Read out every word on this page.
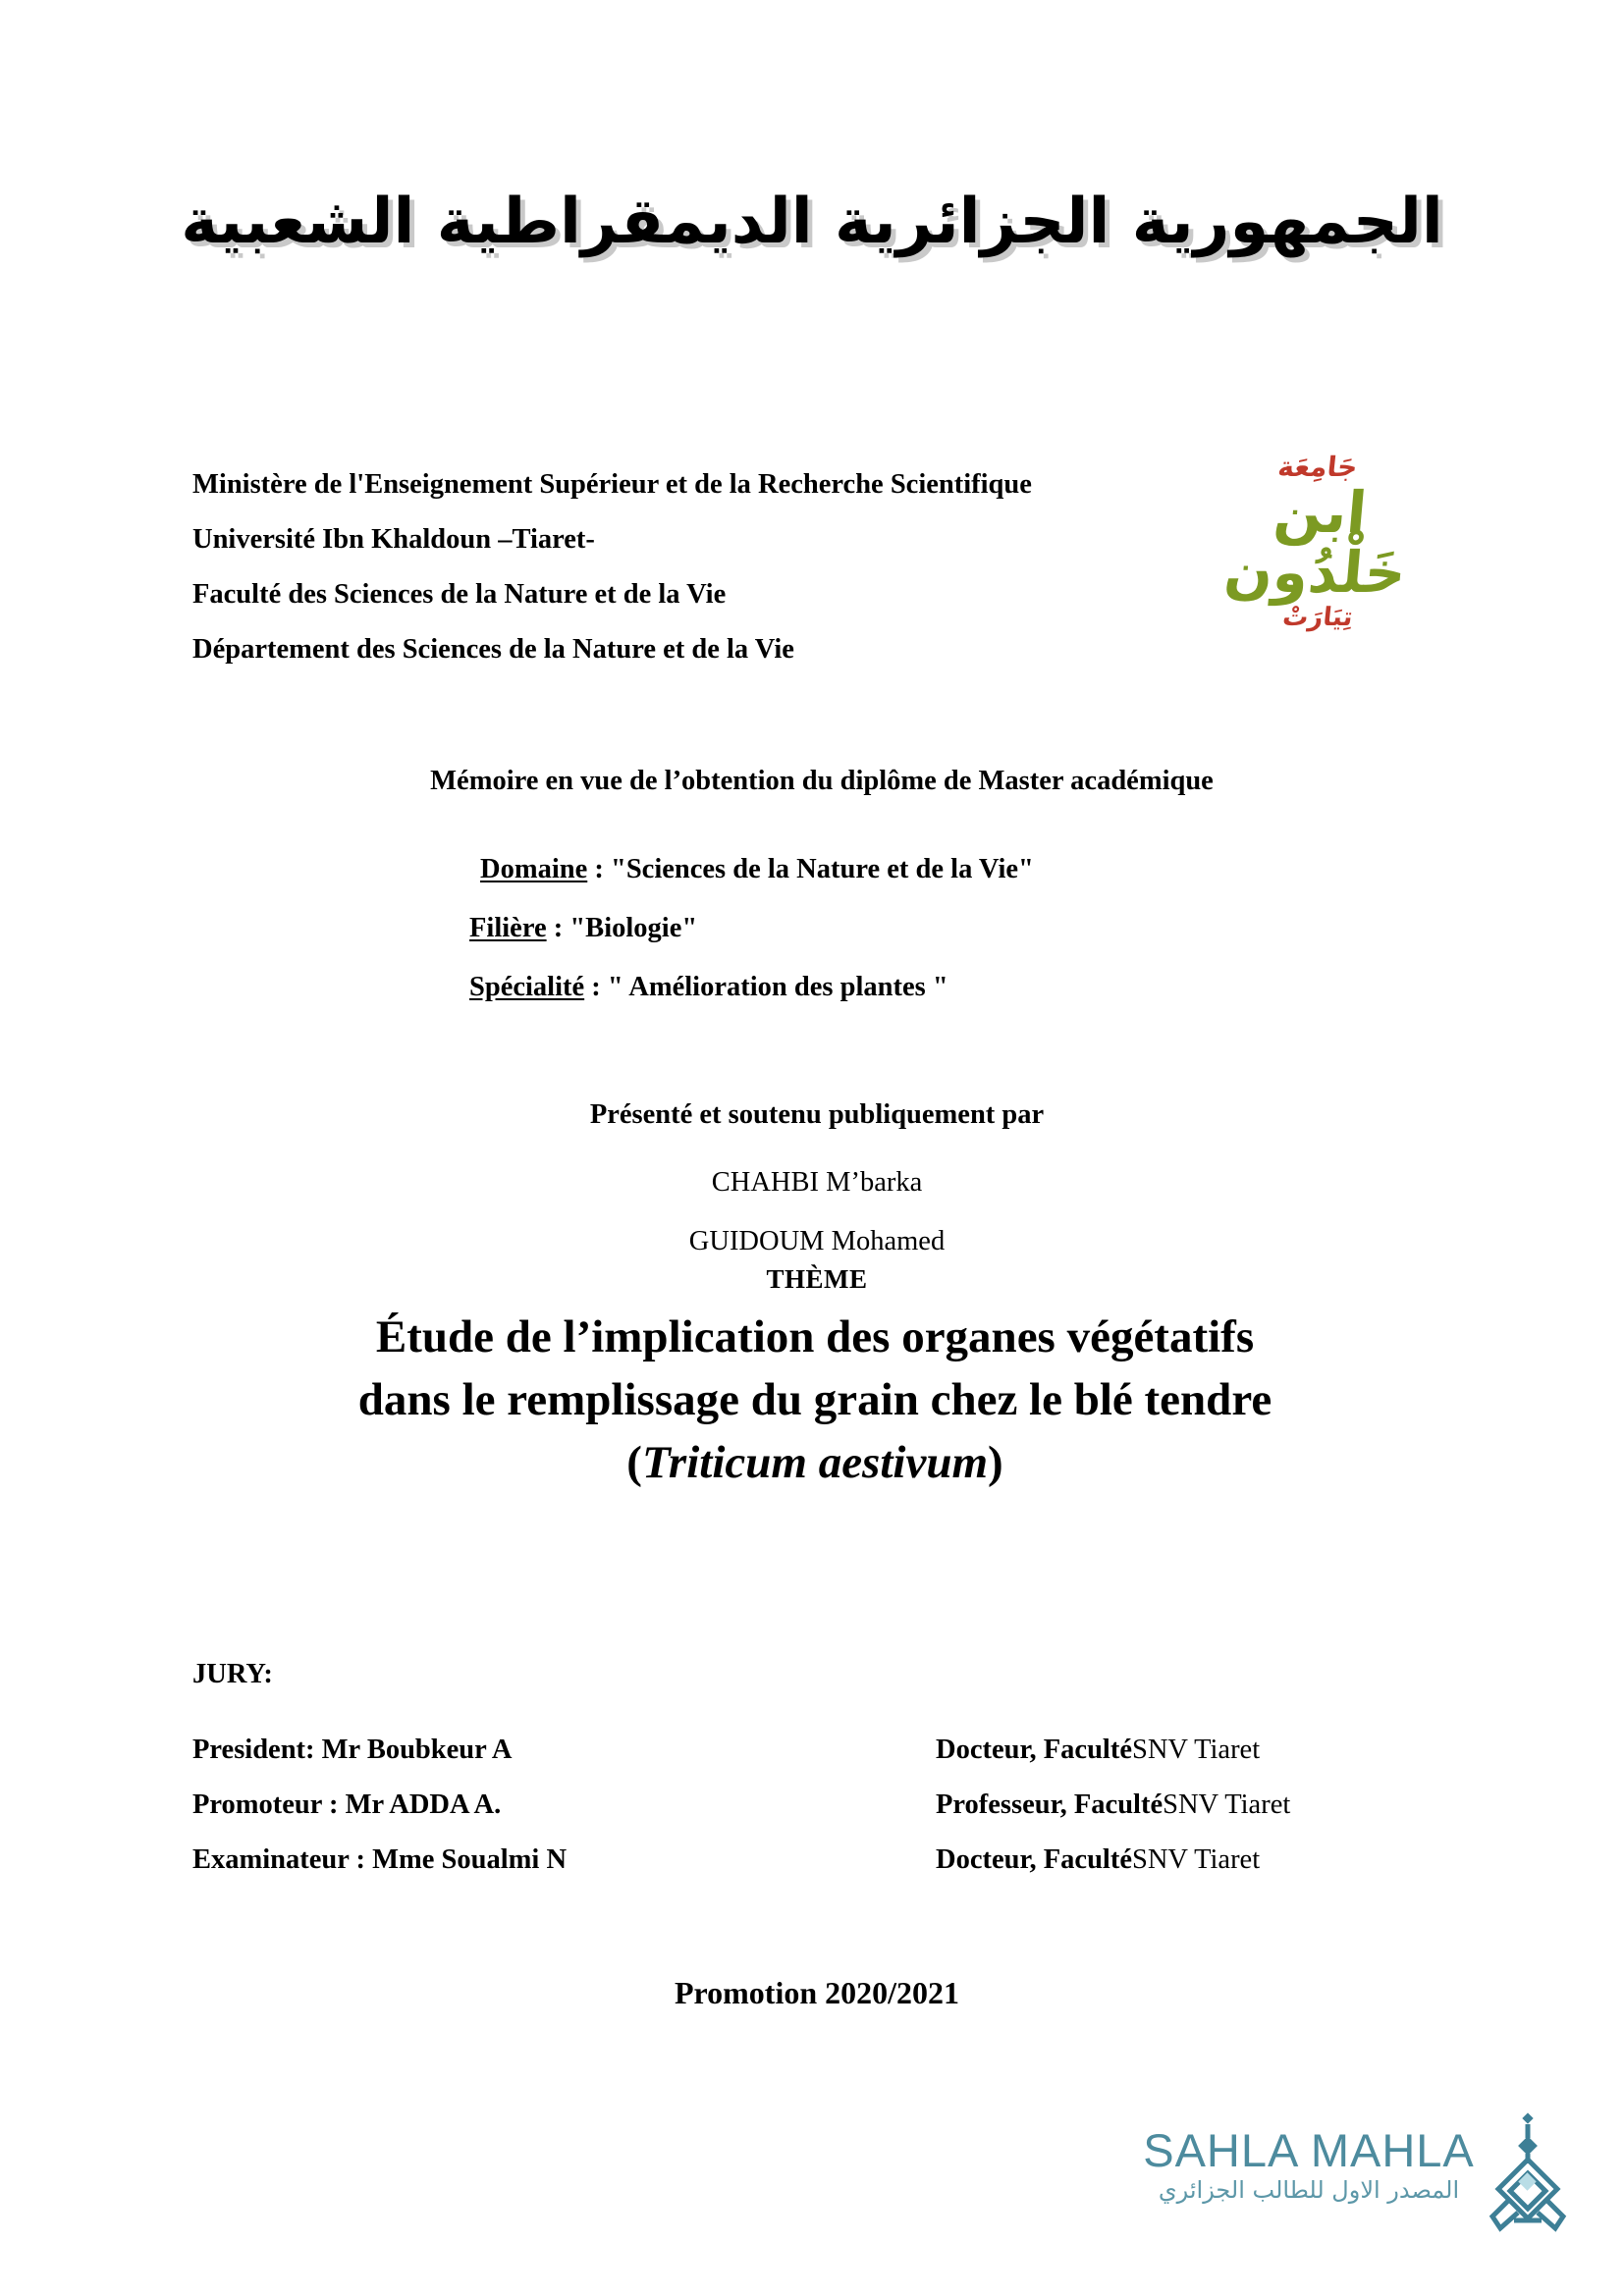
الجمهورية الجزائرية الديمقراطية الشعبية
Ministère de l'Enseignement Supérieur et de la Recherche Scientifique
Université Ibn Khaldoun –Tiaret-
Faculté des Sciences de la Nature et de la Vie
Département des Sciences de la Nature et de la Vie
جَامِعَة
ابن خَلْدُون
تِيَارَتْ
Mémoire en vue de l’obtention du diplôme de Master académique
Domaine : "Sciences de la Nature et de la Vie"
Filière : "Biologie"
Spécialité : " Amélioration des plantes "
Présenté et soutenu publiquement par
CHAHBI M’barka
GUIDOUM Mohamed
THÈME
Étude de l’implication des organes végétatifs
dans le remplissage du grain chez le blé tendre
(Triticum aestivum)
JURY:
President: Mr Boubkeur A	Docteur, Faculté SNV Tiaret
Promoteur : Mr ADDA A.	Professeur, Faculté SNV Tiaret
Examinateur : Mme Soualmi N	Docteur, Faculté SNV Tiaret
Promotion 2020/2021
SAHLA MAHLA
المصدر الاول للطالب الجزائري
